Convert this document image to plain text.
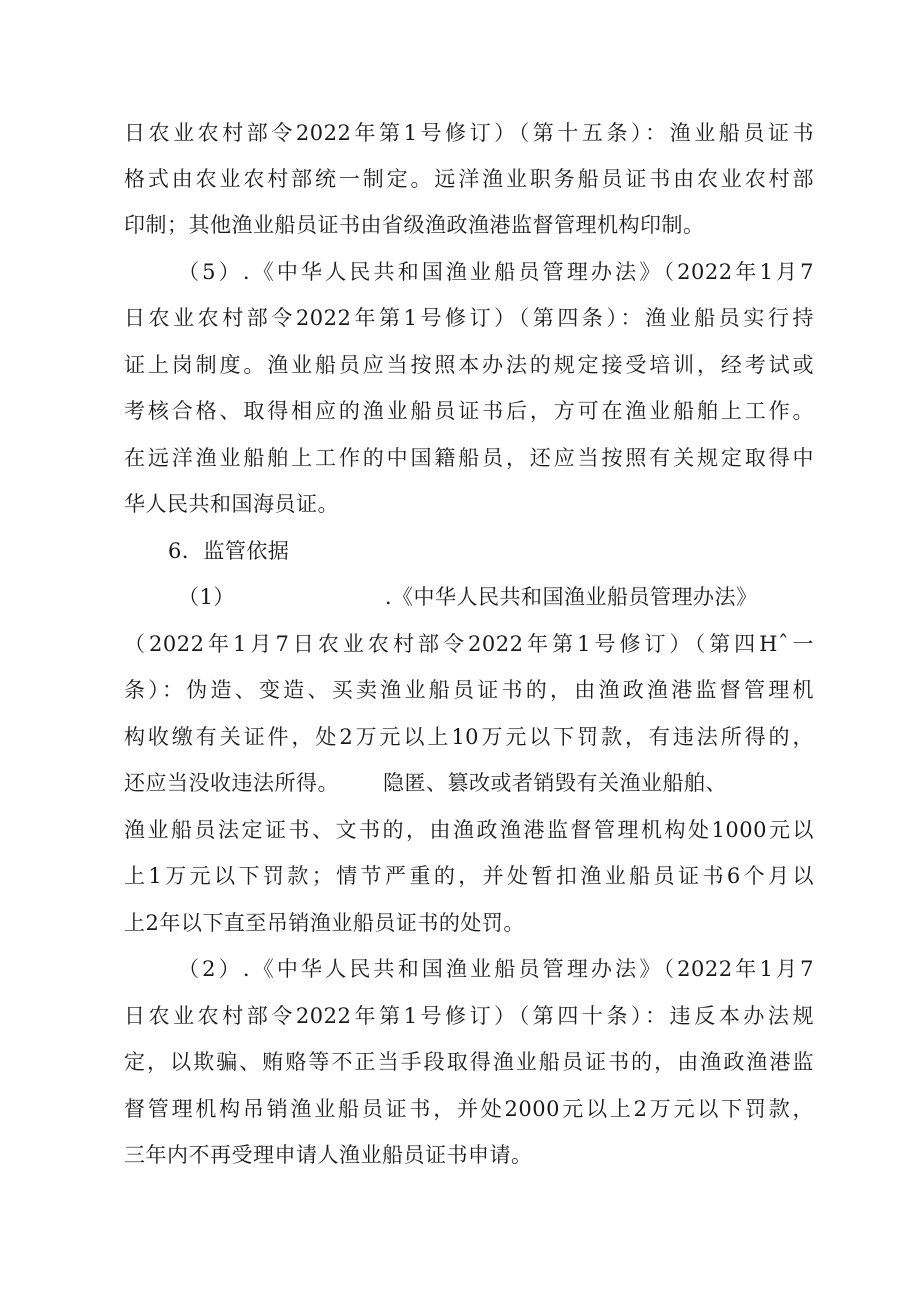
日农业农村部令2022年第1号修订）（第十五条）：渔业船员证书
格式由农业农村部统一制定。远洋渔业职务船员证书由农业农村部
印制；其他渔业船员证书由省级渔政渔港监督管理机构印制。
（5）.《中华人民共和国渔业船员管理办法》（2022年1月7
日农业农村部令2022年第1号修订）（第四条）：渔业船员实行持
证上岗制度。渔业船员应当按照本办法的规定接受培训，经考试或
考核合格、取得相应的渔业船员证书后，方可在渔业船舶上工作。
在远洋渔业船舶上工作的中国籍船员，还应当按照有关规定取得中
华人民共和国海员证。
6．监管依据
（1）	.《中华人民共和国渔业船员管理办法》
（2022年1月7日农业农村部令2022年第1号修订）（第四Hˆ一
条）：伪造、变造、买卖渔业船员证书的，由渔政渔港监督管理机
构收缴有关证件，处2万元以上10万元以下罚款，有违法所得的，
还应当没收违法所得。 隐匿、篡改或者销毁有关渔业船舶、
渔业船员法定证书、文书的，由渔政渔港监督管理机构处1000元以
上1万元以下罚款；情节严重的，并处暂扣渔业船员证书6个月以
上2年以下直至吊销渔业船员证书的处罚。
（2）.《中华人民共和国渔业船员管理办法》（2022年1月7
日农业农村部令2022年第1号修订）（第四十条）：违反本办法规
定，以欺骗、贿赂等不正当手段取得渔业船员证书的，由渔政渔港监
督管理机构吊销渔业船员证书，并处2000元以上2万元以下罚款，
三年内不再受理申请人渔业船员证书申请。
